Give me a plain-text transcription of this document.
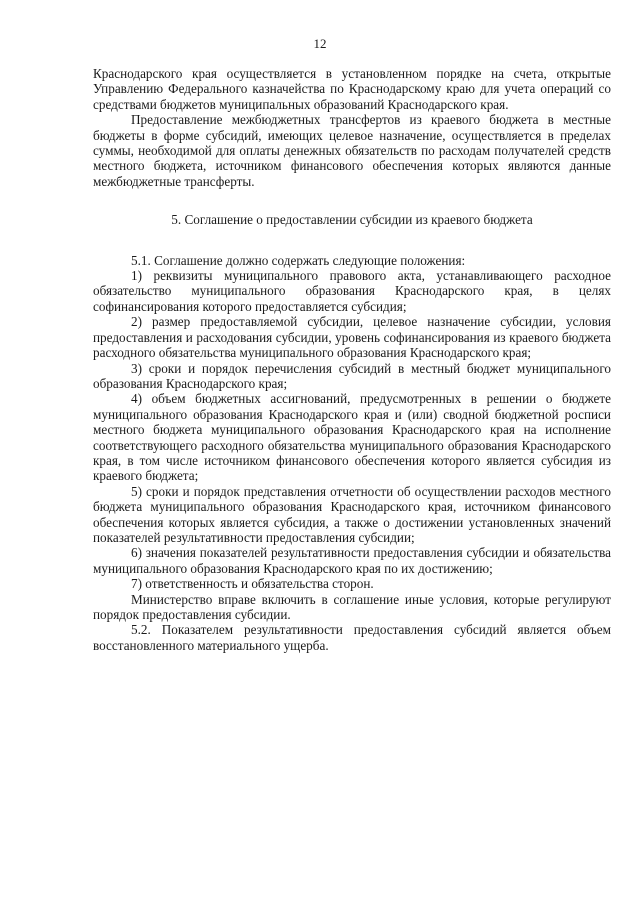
12

Краснодарского края осуществляется в установленном порядке на счета, открытые Управлению Федерального казначейства по Краснодарскому краю для учета операций со средствами бюджетов муниципальных образований Краснодарского края.

Предоставление межбюджетных трансфертов из краевого бюджета в местные бюджеты в форме субсидий, имеющих целевое назначение, осуществляется в пределах суммы, необходимой для оплаты денежных обязательств по расходам получателей средств местного бюджета, источником финансового обеспечения которых являются данные межбюджетные трансферты.

5. Соглашение о предоставлении субсидии из краевого бюджета

5.1. Соглашение должно содержать следующие положения:

1) реквизиты муниципального правового акта, устанавливающего расходное обязательство муниципального образования Краснодарского края, в целях софинансирования которого предоставляется субсидия;

2) размер предоставляемой субсидии, целевое назначение субсидии, условия предоставления и расходования субсидии, уровень софинансирования из краевого бюджета расходного обязательства муниципального образования Краснодарского края;

3) сроки и порядок перечисления субсидий в местный бюджет муниципального образования Краснодарского края;

4) объем бюджетных ассигнований, предусмотренных в решении о бюджете муниципального образования Краснодарского края и (или) сводной бюджетной росписи местного бюджета муниципального образования Краснодарского края на исполнение соответствующего расходного обязательства муниципального образования Краснодарского края, в том числе источником финансового обеспечения которого является субсидия из краевого бюджета;

5) сроки и порядок представления отчетности об осуществлении расходов местного бюджета муниципального образования Краснодарского края, источником финансового обеспечения которых является субсидия, а также о достижении установленных значений показателей результативности предоставления субсидии;

6) значения показателей результативности предоставления субсидии и обязательства муниципального образования Краснодарского края по их достижению;

7) ответственность и обязательства сторон.

Министерство вправе включить в соглашение иные условия, которые регулируют порядок предоставления субсидии.

5.2. Показателем результативности предоставления субсидий является объем восстановленного материального ущерба.
